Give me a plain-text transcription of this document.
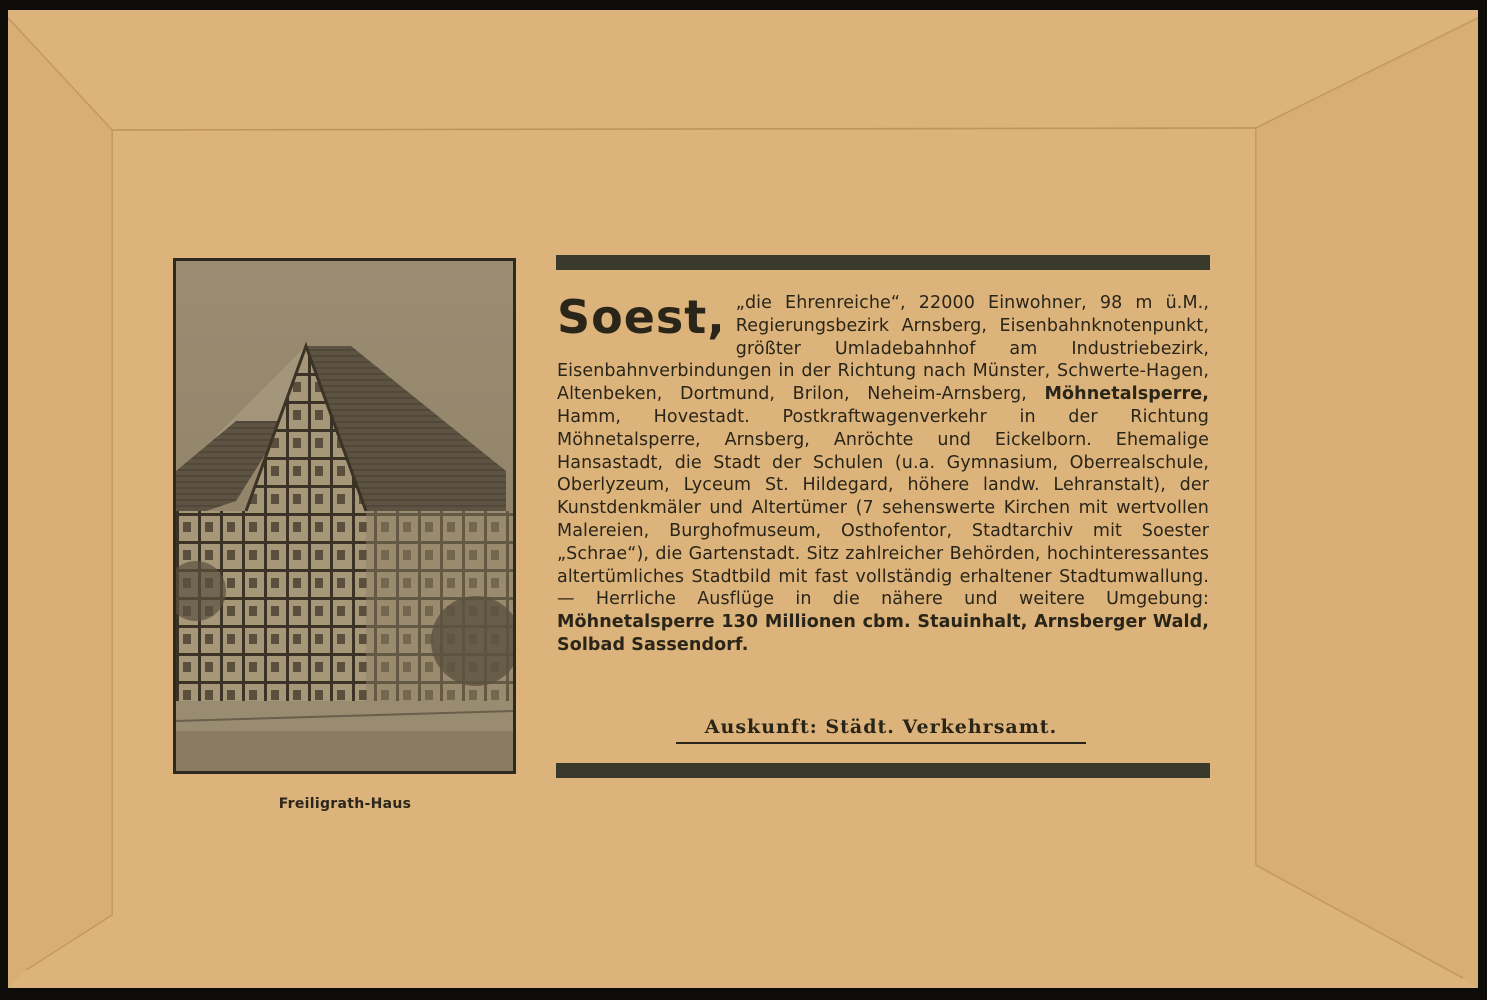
Freiligrath-Haus
Soest, „die Ehrenreiche“, 22000 Einwohner, 98 m ü.M., Regierungsbezirk Arnsberg, Eisenbahnknotenpunkt, größter Umladebahnhof am Industriebezirk, Eisenbahnverbindungen in der Richtung nach Münster, Schwerte-Hagen, Altenbeken, Dortmund, Brilon, Neheim-Arnsberg, Möhnetalsperre, Hamm, Hovestadt. Postkraftwagenverkehr in der Richtung Möhnetalsperre, Arnsberg, Anröchte und Eickelborn. Ehemalige Hansastadt, die Stadt der Schulen (u.a. Gymnasium, Oberrealschule, Oberlyzeum, Lyceum St. Hildegard, höhere landw. Lehranstalt), der Kunstdenkmäler und Altertümer (7 sehenswerte Kirchen mit wertvollen Malereien, Burghofmuseum, Osthofentor, Stadtarchiv mit Soester „Schrae“), die Gartenstadt. Sitz zahlreicher Behörden, hochinteressantes altertümliches Stadtbild mit fast vollständig erhaltener Stadtumwallung. — Herrliche Ausflüge in die nähere und weitere Umgebung: Möhnetalsperre 130 Millionen cbm. Stauinhalt, Arnsberger Wald, Solbad Sassendorf.
Auskunft: Städt. Verkehrsamt.
